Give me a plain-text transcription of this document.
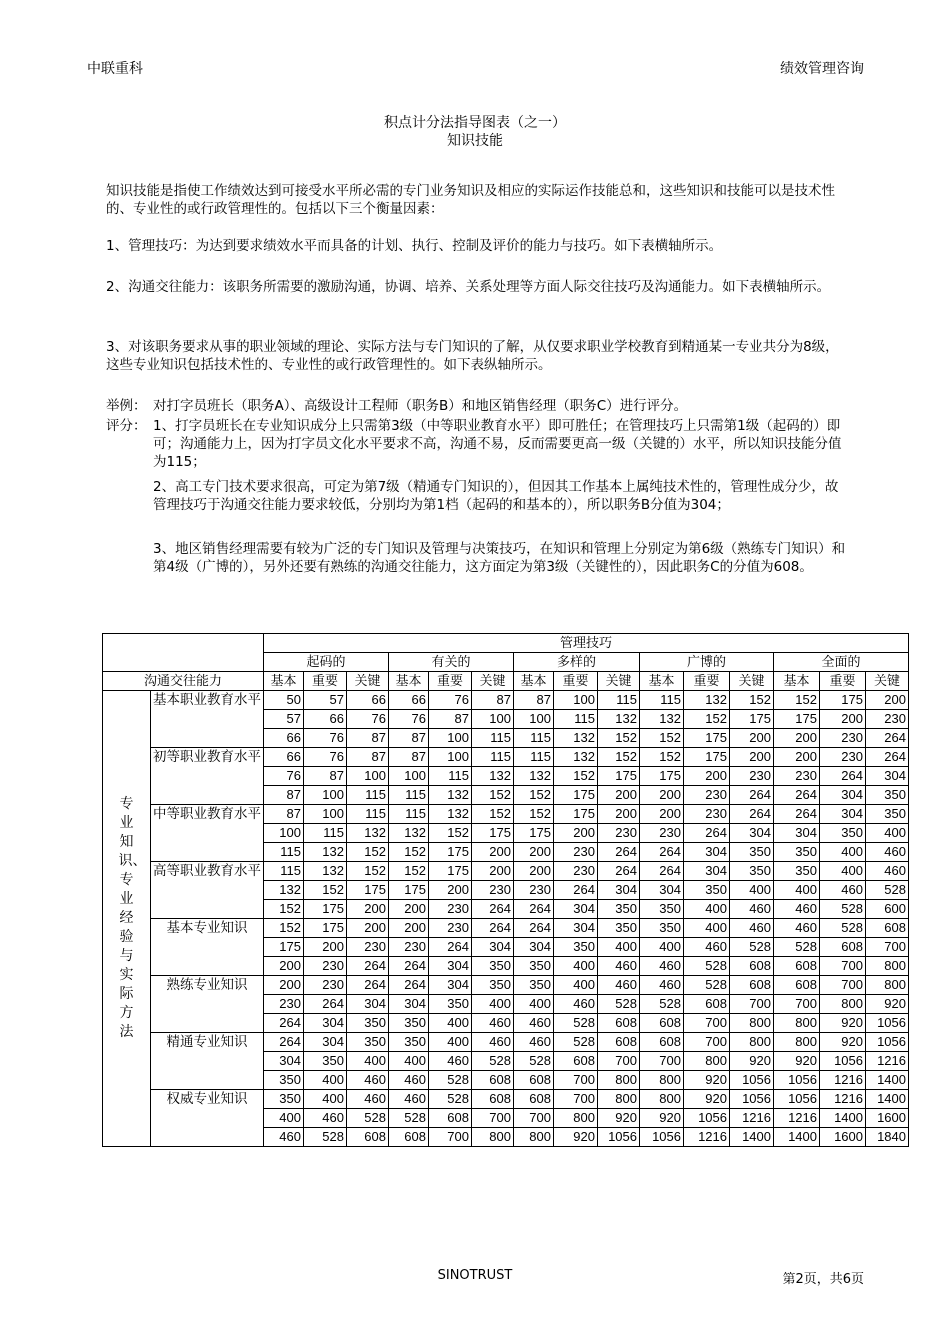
中联重科	绩效管理咨询
积点计分法指导图表（之一）
知识技能
知识技能是指使工作绩效达到可接受水平所必需的专门业务知识及相应的实际运作技能总和，这些知识和技能可以是技术性的、专业性的或行政管理性的。包括以下三个衡量因素：
1、管理技巧：为达到要求绩效水平而具备的计划、执行、控制及评价的能力与技巧。如下表横轴所示。
2、沟通交往能力：该职务所需要的激励沟通，协调、培养、关系处理等方面人际交往技巧及沟通能力。如下表横轴所示。
3、对该职务要求从事的职业领域的理论、实际方法与专门知识的了解，从仅要求职业学校教育到精通某一专业共分为8级，这些专业知识包括技术性的、专业性的或行政管理性的。如下表纵轴所示。
举例： 对打字员班长（职务A）、高级设计工程师（职务B）和地区销售经理（职务C）进行评分。
评分： 1、打字员班长在专业知识成分上只需第3级（中等职业教育水平）即可胜任；在管理技巧上只需第1级（起码的）即可；沟通能力上，因为打字员文化水平要求不高，沟通不易，反而需要更高一级（关键的）水平，所以知识技能分值为115；
2、高工专门技术要求很高，可定为第7级（精通专门知识的），但因其工作基本上属纯技术性的，管理性成分少，故管理技巧于沟通交往能力要求较低，分别均为第1档（起码的和基本的），所以职务B分值为304；
3、地区销售经理需要有较为广泛的专门知识及管理与决策技巧，在知识和管理上分别定为第6级（熟练专门知识）和第4级（广博的），另外还要有熟练的沟通交往能力，这方面定为第3级（关键性的），因此职务C的分值为608。
		管理技巧														
		起码的			有关的			多样的			广博的			全面的		
沟通交往能力		基本	重要	关键	基本	重要	关键	基本	重要	关键	基本	重要	关键	基本	重要	关键

专业知识、专业经验与实际方法	基本职业教育水平	50	57	66	66	76	87	87	100	115	115	132	152	152	175	200
		57	66	76	76	87	100	100	115	132	132	152	175	175	200	230
		66	76	87	87	100	115	115	132	152	152	175	200	200	230	264
	初等职业教育水平	66	76	87	87	100	115	115	132	152	152	175	200	200	230	264
		76	87	100	100	115	132	132	152	175	175	200	230	230	264	304
		87	100	115	115	132	152	152	175	200	200	230	264	264	304	350
	中等职业教育水平	87	100	115	115	132	152	152	175	200	200	230	264	264	304	350
		100	115	132	132	152	175	175	200	230	230	264	304	304	350	400
		115	132	152	152	175	200	200	230	264	264	304	350	350	400	460
	高等职业教育水平	115	132	152	152	175	200	200	230	264	264	304	350	350	400	460
		132	152	175	175	200	230	230	264	304	304	350	400	400	460	528
		152	175	200	200	230	264	264	304	350	350	400	460	460	528	600
	基本专业知识	152	175	200	200	230	264	264	304	350	350	400	460	460	528	608
		175	200	230	230	264	304	304	350	400	400	460	528	528	608	700
		200	230	264	264	304	350	350	400	460	460	528	608	608	700	800
	熟练专业知识	200	230	264	264	304	350	350	400	460	460	528	608	608	700	800
		230	264	304	304	350	400	400	460	528	528	608	700	700	800	920
		264	304	350	350	400	460	460	528	608	608	700	800	800	920	1056
	精通专业知识	264	304	350	350	400	460	460	528	608	608	700	800	800	920	1056
		304	350	400	400	460	528	528	608	700	700	800	920	920	1056	1216
		350	400	460	460	528	608	608	700	800	800	920	1056	1056	1216	1400
	权威专业知识	350	400	460	460	528	608	608	700	800	800	920	1056	1056	1216	1400
		400	460	528	528	608	700	700	800	920	920	1056	1216	1216	1400	1600
		460	528	608	608	700	800	800	920	1056	1056	1216	1400	1400	1600	1840
SINOTRUST	第2页，共6页
